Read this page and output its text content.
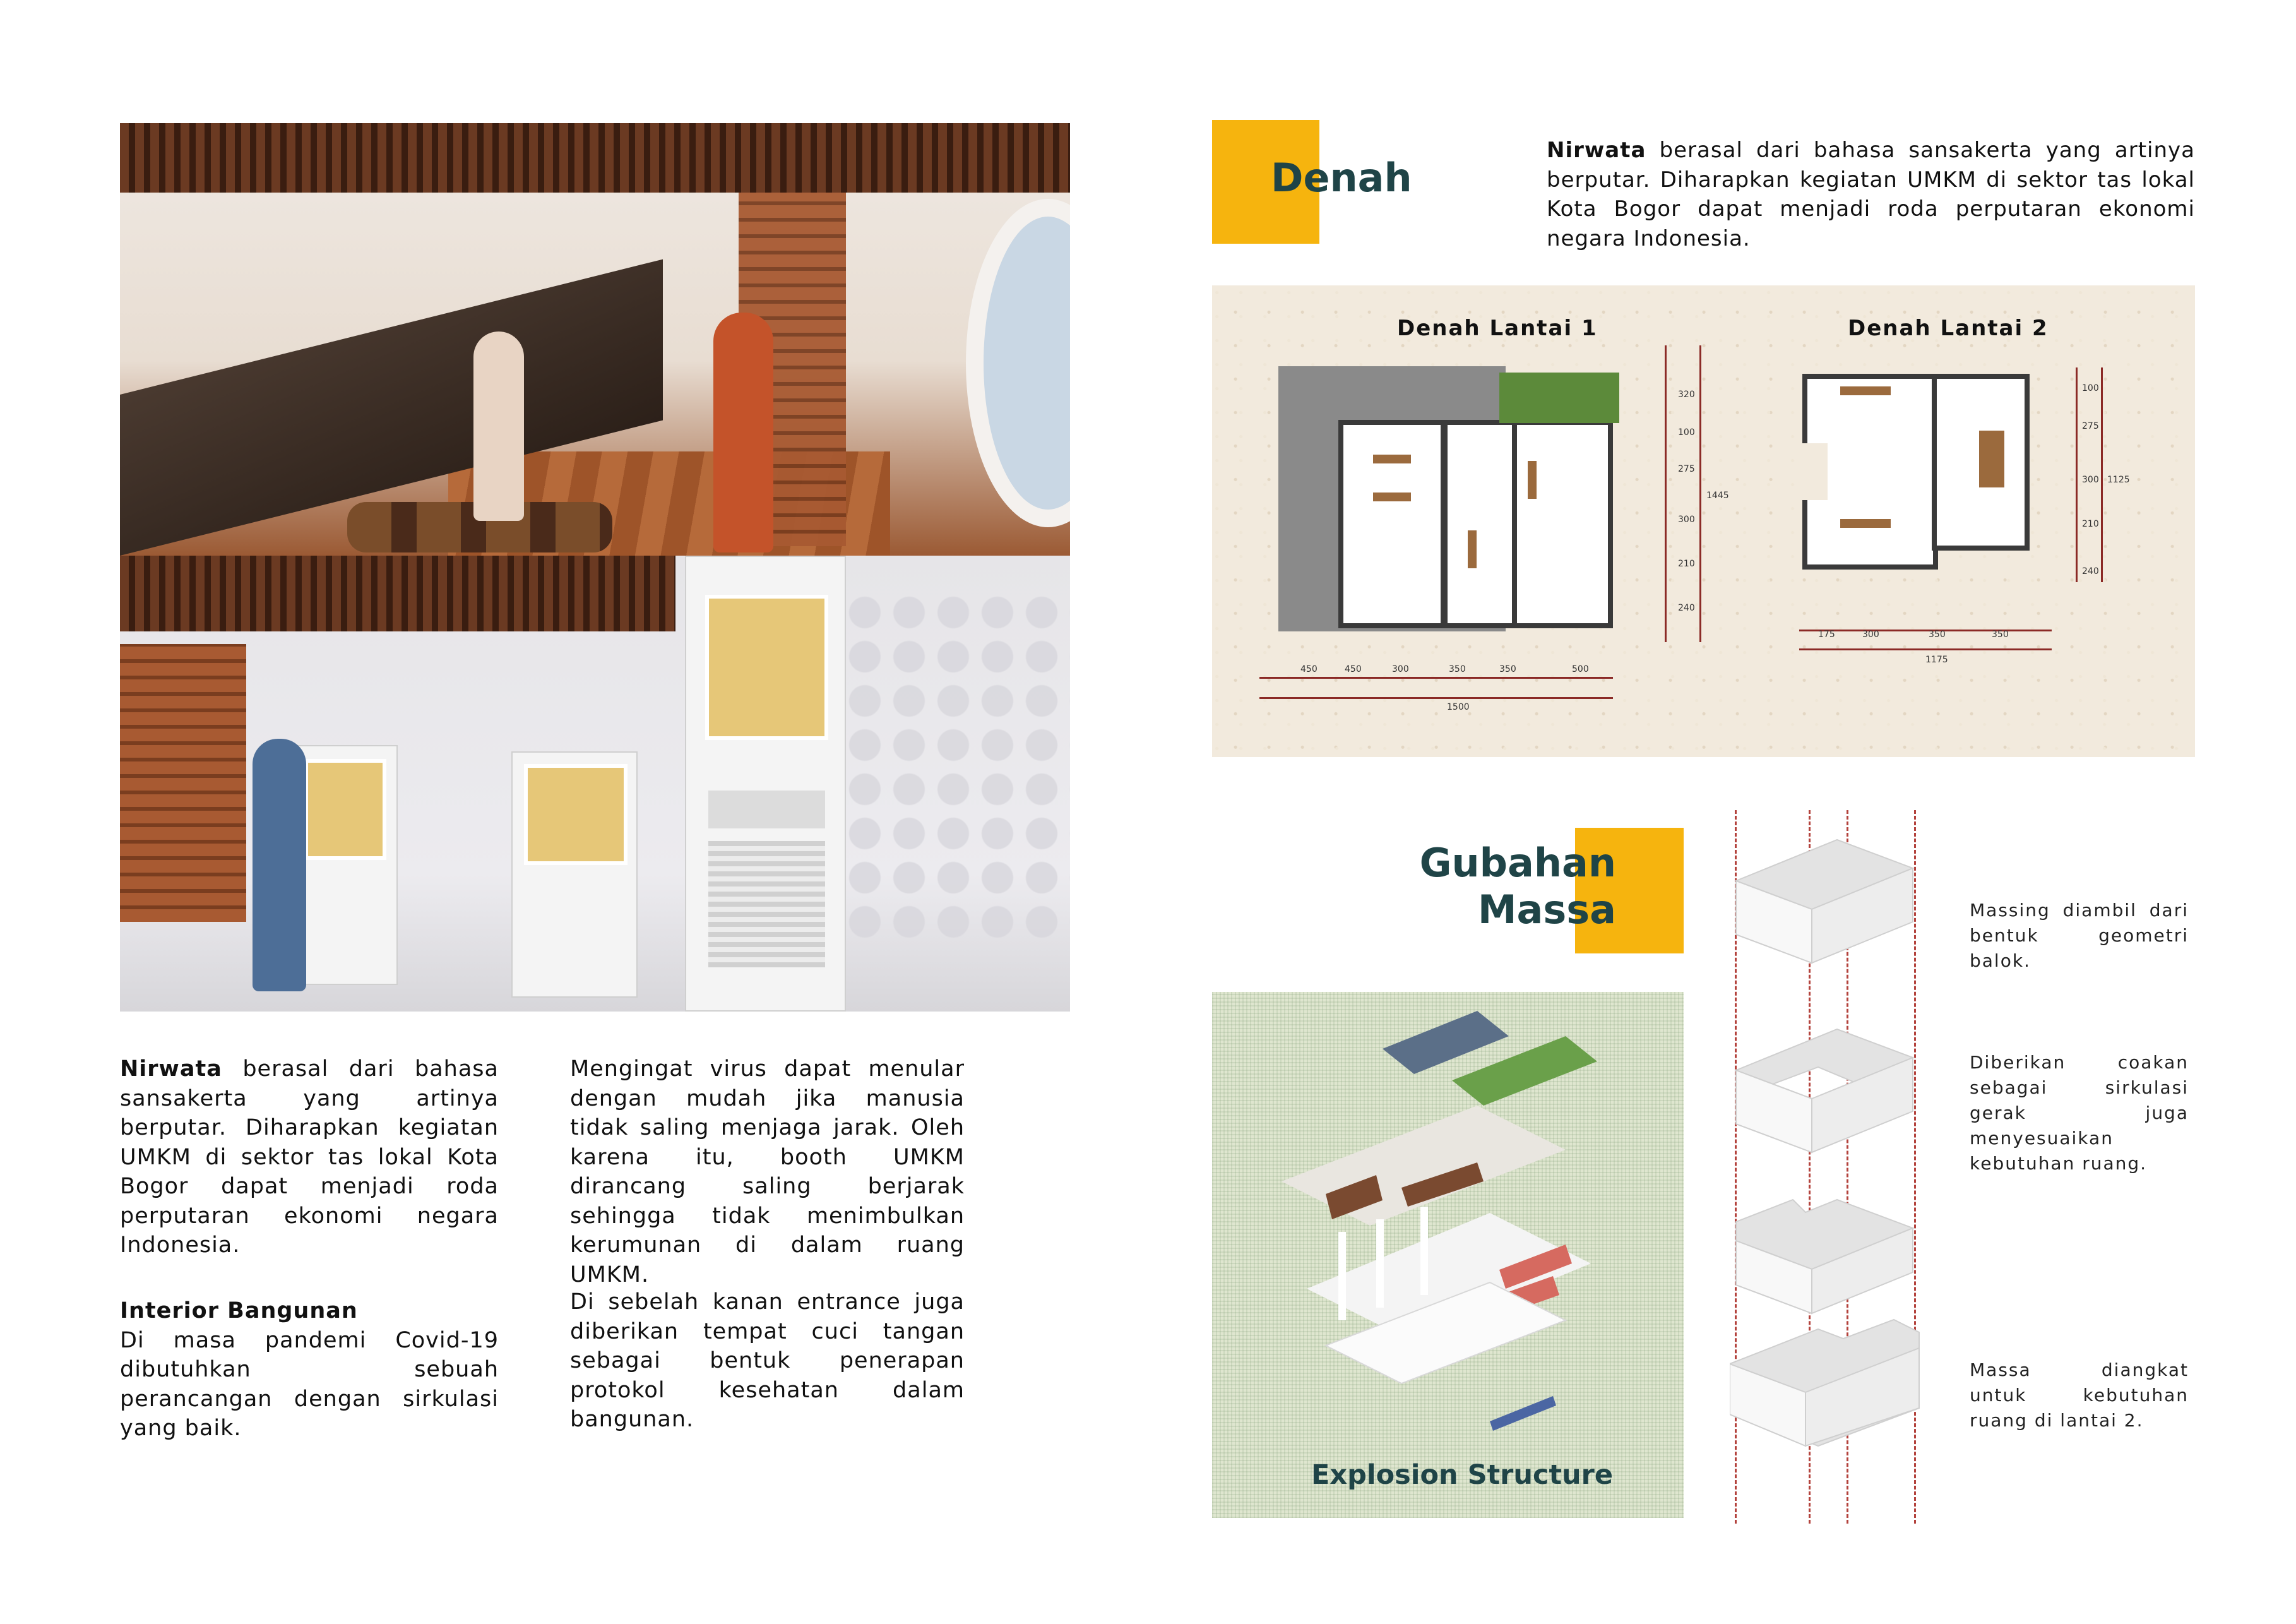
Nirwata berasal dari bahasa sansakerta yang artinya berputar. Diharapkan kegiatan UMKM di sektor tas lokal Kota Bogor dapat menjadi roda perputaran ekonomi negara Indonesia.
Interior Bangunan
Di masa pandemi Covid-19 dibutuhkan sebuah perancangan dengan sirkulasi yang baik.
Mengingat virus dapat menular dengan mudah jika manusia tidak saling menjaga jarak. Oleh karena itu, booth UMKM dirancang saling berjarak sehingga tidak menimbulkan kerumunan di dalam ruang UMKM.
Di sebelah kanan entrance juga diberikan tempat cuci tangan sebagai bentuk penerapan protokol kesehatan dalam bangunan.
Denah
Nirwata berasal dari bahasa sansakerta yang artinya berputar. Diharapkan kegiatan UMKM di sektor tas lokal Kota Bogor dapat menjadi roda perputaran ekonomi negara Indonesia.
Denah Lantai 1	Denah Lantai 2
450	450	300	350	350	500
1500
320
100
275
300
210
240
1445
175	300	350	350
1175
100
275
300
210
240
1125
Gubahan
Massa
Explosion Structure
Massing diambil dari bentuk geometri balok.
Diberikan coakan sebagai sirkulasi gerak juga menyesuaikan kebutuhan ruang.
Massa diangkat untuk kebutuhan ruang di lantai 2.
